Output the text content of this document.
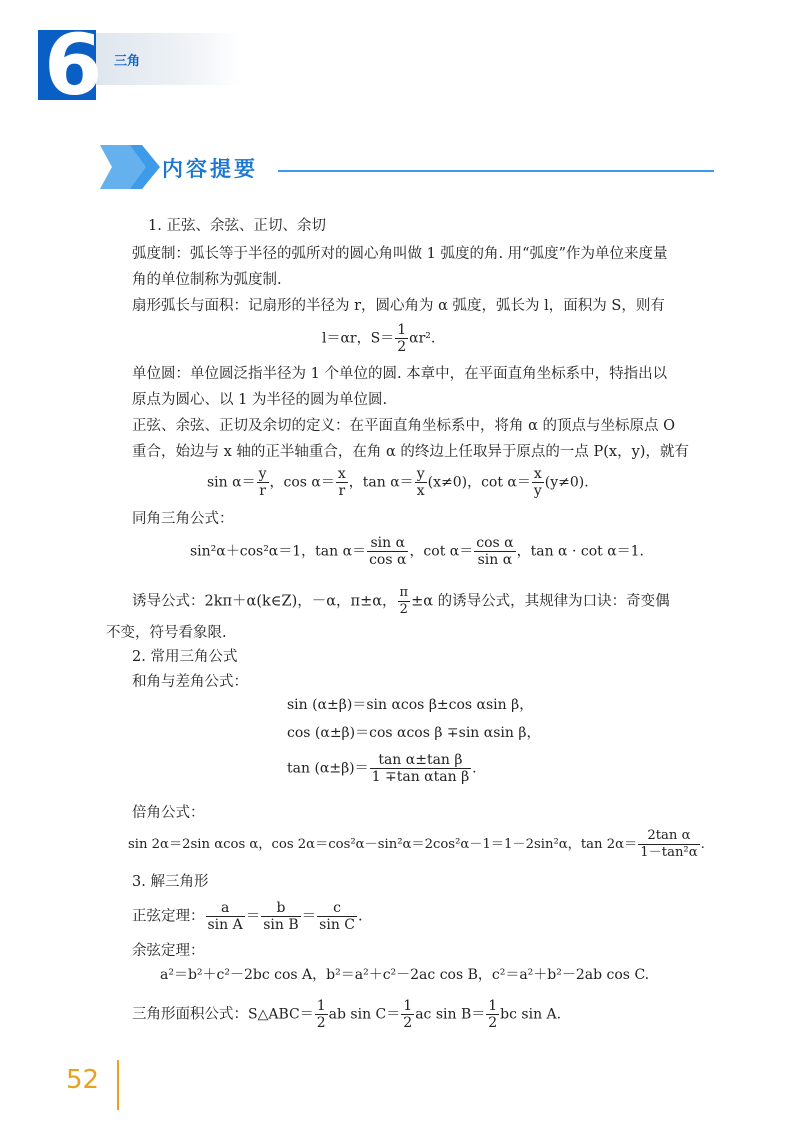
6 三角
内容提要
1. 正弦、余弦、正切、余切
弧度制：弧长等于半径的弧所对的圆心角叫做 1 弧度的角. 用“弧度”作为单位来度量
角的单位制称为弧度制.
扇形弧长与面积：记扇形的半径为 r，圆心角为 α 弧度，弧长为 l，面积为 S，则有
l＝αr，$S= \frac{1}{2} \alpha r^2$.
单位圆：单位圆泛指半径为 1 个单位的圆. 本章中，在平面直角坐标系中，特指出以
原点为圆心、以 1 为半径的圆为单位圆.
正弦、余弦、正切及余切的定义：在平面直角坐标系中，将角 α 的顶点与坐标原点 O
重合，始边与 x 轴的正半轴重合，在角 α 的终边上任取异于原点的一点 P(x，y)，就有
$\sin \alpha= \frac{y}{r}$ ，$\cos \alpha= \frac{x}{r}$ ，$\tan \alpha= \frac{y}{x} (x\ne 0)$，$\cot \alpha= \frac{x}{y} (y\ne 0)$.
同角三角公式：
sin²α＋cos²α＝1，$\tan \alpha= \frac{\text{sin α}}{\text{cos α}}$ ，$\cot \alpha= \frac{\text{cos α}}{\text{sin α}}$ ，tan α · cot α＝1.
诱导公式：2kπ＋α(k∈Z)，－α，π±α， $\frac{\pi}{2} \pm\alpha$ 的诱导公式，其规律为口诀：奇变偶
不变，符号看象限.
2. 常用三角公式
和角与差角公式：
sin (α±β)＝sin αcos β±cos αsin β，
cos (α±β)＝cos αcos β ∓sin αsin β，
$\tan (\alpha\pm\beta)= \frac{\text{tan α±tan β}}{\text{1 ∓tan αtan β}}$ .
倍角公式：
sin 2α＝2sin αcos α，cos 2α＝cos²α－sin²α＝2cos²α－1＝1－2sin²α，$\tan 2\alpha= \frac{\text{2tan α}}{\text{1－tan²α}}$ .
3. 解三角形
正弦定理： $\frac{a}{\text{sin A}} = \frac{b}{\text{sin B}} = \frac{c}{\text{sin C}}$ .
余弦定理：
a²＝b²＋c²－2bc cos A，b²＝a²＋c²－2ac cos B，c²＝a²＋b²－2ab cos C.
三角形面积公式：S△ABC＝ $\frac{1}{2}$ ab $\sin C= \frac{1}{2}$ ac $\sin B= \frac{1}{2}$ bc sin A.
52
